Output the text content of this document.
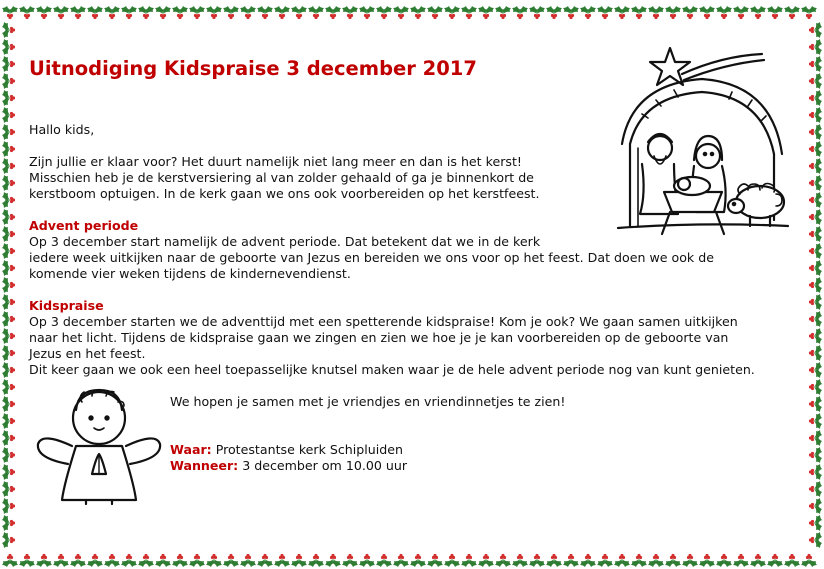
Uitnodiging Kidspraise 3 december 2017

Hallo kids,

Zijn jullie er klaar voor? Het duurt namelijk niet lang meer en dan is het kerst!

Misschien heb je de kerstversiering al van zolder gehaald of ga je binnenkort de

kerstboom optuigen. In de kerk gaan we ons ook voorbereiden op het kerstfeest.

Advent periode

Op 3 december start namelijk de advent periode. Dat betekent dat we in de kerk

iedere week uitkijken naar de geboorte van Jezus en bereiden we ons voor op het feest. Dat doen we ook de

komende vier weken tijdens de kindernevendienst.

Kidspraise

Op 3 december starten we de adventtijd met een spetterende kidspraise! Kom je ook? We gaan samen uitkijken

naar het licht. Tijdens de kidspraise gaan we zingen en zien we hoe je je kan voorbereiden op de geboorte van

Jezus en het feest.

Dit keer gaan we ook een heel toepasselijke knutsel maken waar je de hele advent periode nog van kunt genieten.

We hopen je samen met je vriendjes en vriendinnetjes te zien!

Waar: Protestantse kerk Schipluiden

Wanneer: 3 december om 10.00 uur
